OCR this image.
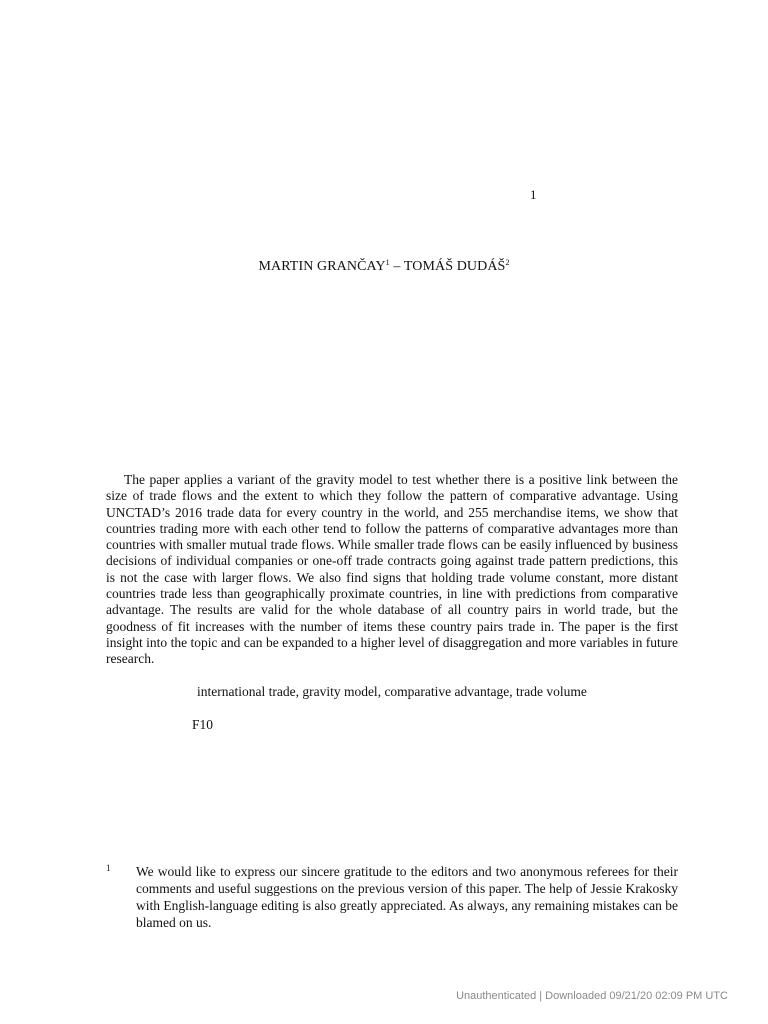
1
MARTIN GRANČAY$^1$ – TOMÁŠ DUDÁŠ$^2$

The paper applies a variant of the gravity model to test whether there is a positive link between the size of trade flows and the extent to which they follow the pattern of comparative advantage. Using UNCTAD’s 2016 trade data for every country in the world, and 255 merchandise items, we show that countries trading more with each other tend to follow the patterns of comparative advantages more than countries with smaller mutual trade flows. While smaller trade flows can be easily influenced by business decisions of individual companies or one-off trade contracts going against trade pattern predictions, this is not the case with larger flows. We also find signs that holding trade volume constant, more distant countries trade less than geographically proximate countries, in line with predictions from comparative advantage. The results are valid for the whole database of all country pairs in world trade, but the goodness of fit increases with the number of items these country pairs trade in. The paper is the first insight into the topic and can be expanded to a higher level of disaggregation and more variables in future research.

international trade, gravity model, comparative advantage, trade volume
F10
1 We would like to express our sincere gratitude to the editors and two anonymous referees for their comments and useful suggestions on the previous version of this paper. The help of Jessie Krakosky with English-language editing is also greatly appreciated. As always, any remaining mistakes can be blamed on us.

Unauthenticated | Downloaded 09/21/20 02:09 PM UTC
